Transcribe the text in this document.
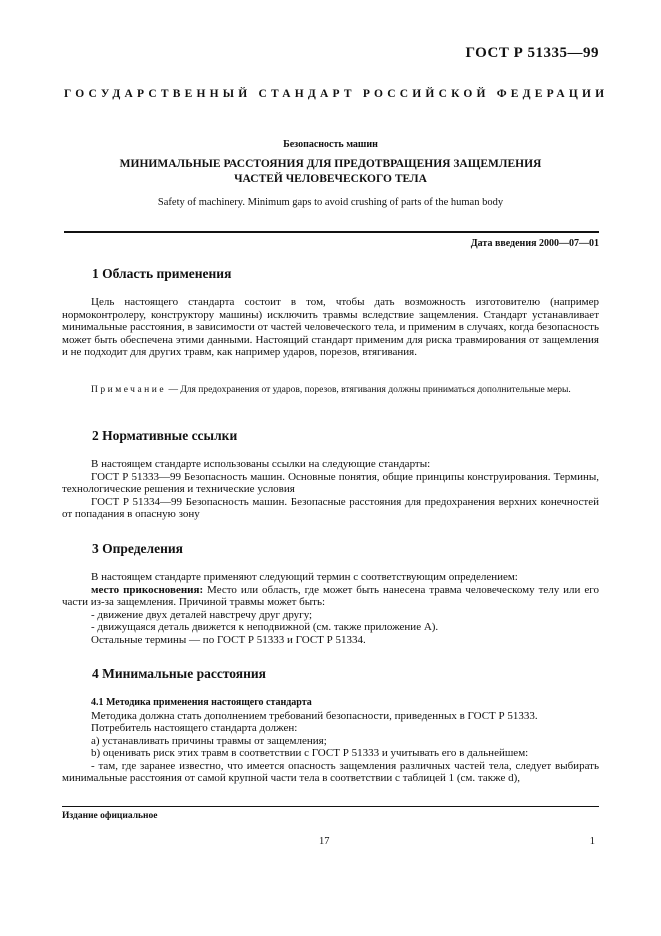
ГОСТ Р 51335—99
ГОСУДАРСТВЕННЫЙ СТАНДАРТ РОССИЙСКОЙ ФЕДЕРАЦИИ
Безопасность машин
МИНИМАЛЬНЫЕ РАССТОЯНИЯ ДЛЯ ПРЕДОТВРАЩЕНИЯ ЗАЩЕМЛЕНИЯ
ЧАСТЕЙ ЧЕЛОВЕЧЕСКОГО ТЕЛА
Safety of machinery. Minimum gaps to avoid crushing of parts of the human body
Дата введения 2000—07—01
1 Область применения

Цель настоящего стандарта состоит в том, чтобы дать возможность изготовителю (например нормоконтролеру, конструктору машины) исключить травмы вследствие защемления. Стандарт устанавливает минимальные расстояния, в зависимости от частей человеческого тела, и применим в случаях, когда безопасность может быть обеспечена этими данными. Настоящий стандарт применим для риска травмирования от защемления и не подходит для других травм, как например ударов, порезов, втягивания.

Примечание — Для предохранения от ударов, порезов, втягивания должны приниматься дополнительные меры.

2 Нормативные ссылки

В настоящем стандарте использованы ссылки на следующие стандарты:

ГОСТ Р 51333—99 Безопасность машин. Основные понятия, общие принципы конструирования. Термины, технологические решения и технические условия

ГОСТ Р 51334—99 Безопасность машин. Безопасные расстояния для предохранения верхних конечностей от попадания в опасную зону

3 Определения

В настоящем стандарте применяют следующий термин с соответствующим определением:

место прикосновения: Место или область, где может быть нанесена травма человеческому телу или его части из-за защемления. Причиной травмы может быть:

- движение двух деталей навстречу друг другу;

- движущаяся деталь движется к неподвижной (см. также приложение А).

Остальные термины — по ГОСТ Р 51333 и ГОСТ Р 51334.

4 Минимальные расстояния

4.1 Методика применения настоящего стандарта

Методика должна стать дополнением требований безопасности, приведенных в ГОСТ Р 51333.

Потребитель настоящего стандарта должен:

a) устанавливать причины травмы от защемления;

b) оценивать риск этих травм в соответствии с ГОСТ Р 51333 и учитывать его в дальнейшем:

- там, где заранее известно, что имеется опасность защемления различных частей тела, следует выбирать минимальные расстояния от самой крупной части тела в соответствии с таблицей 1 (см. также d),

Издание официальное
17	1
